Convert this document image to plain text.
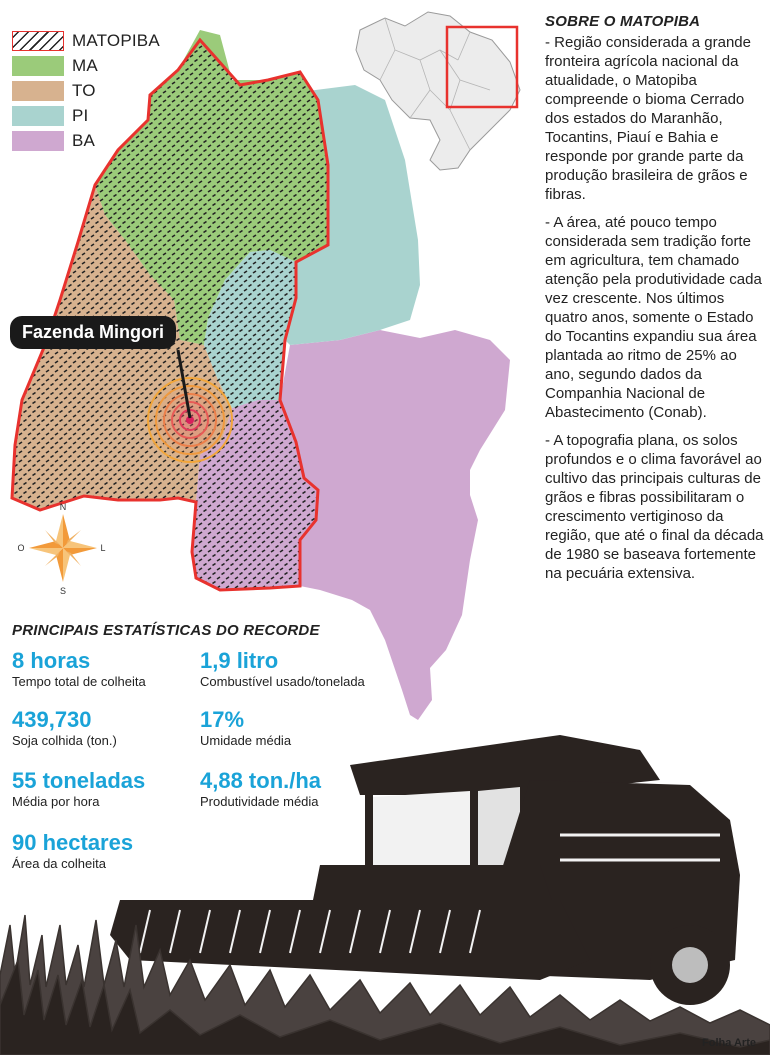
N
S
L
O
MATOPIBA
MA
TO
PI
BA
Fazenda Mingori
SOBRE O MATOPIBA

- Região considerada a grande fronteira agrícola nacional da atualidade, o Matopiba compreende o bioma Cerrado dos estados do Maranhão, Tocantins, Piauí e Bahia e responde por grande parte da produção brasileira de grãos e fibras.

- A área, até pouco tempo considerada sem tradição forte em agricultura, tem chamado atenção pela produtividade cada vez crescente. Nos últimos quatro anos, somente o Estado do Tocantins expandiu sua área plantada ao ritmo de 25% ao ano, segundo dados da Companhia Nacional de Abastecimento (Conab).

- A topografia plana, os solos profundos e o clima favorável ao cultivo das principais culturas de grãos e fibras possibilitaram o crescimento vertiginoso da região, que até o final da década de 1980 se baseava fortemente na pecuária extensiva.

PRINCIPAIS ESTATÍSTICAS DO RECORDE
8 horas
Tempo total de colheita
1,9 litro
Combustível usado/tonelada
439,730
Soja colhida (ton.)
17%
Umidade média
55 toneladas
Média por hora
4,88 ton./ha
Produtividade média
90 hectares
Área da colheita
Folha Arte
